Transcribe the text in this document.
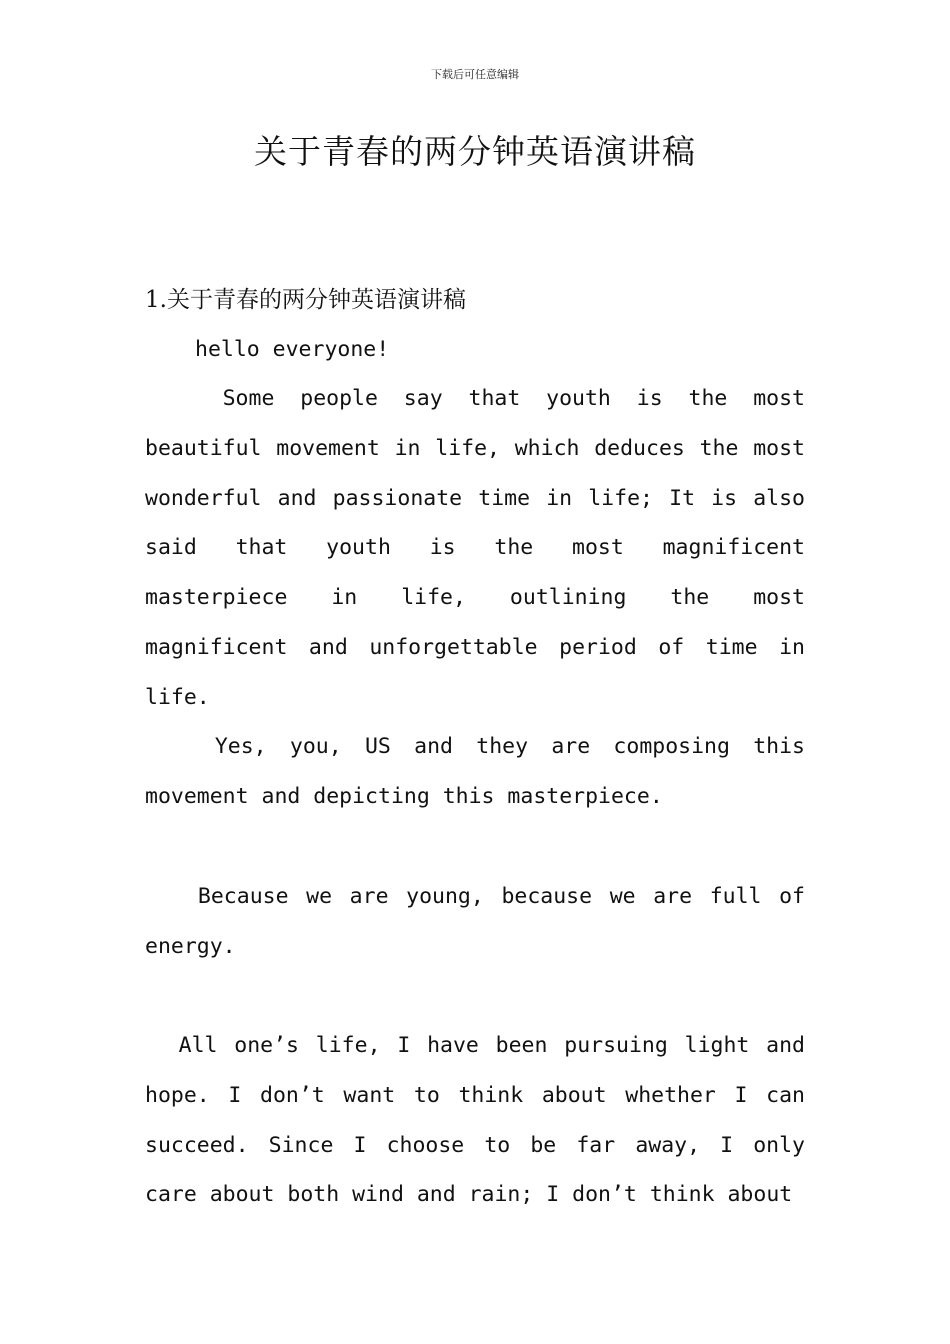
下载后可任意编辑
关于青春的两分钟英语演讲稿
1.关于青春的两分钟英语演讲稿
hello everyone!

Some people say that youth is the most beautiful movement in life, which deduces the most wonderful and passionate time in life; It is also said that youth is the most magnificent masterpiece in life, outlining the most magnificent and unforgettable period of time in life.

Yes, you, US and they are composing this movement and depicting this masterpiece.

Because we are young, because we are full of energy.

All one’s life, I have been pursuing light and hope. I don’t want to think about whether I can succeed. Since I choose to be far away, I only care about both wind and rain; I don’t think about
